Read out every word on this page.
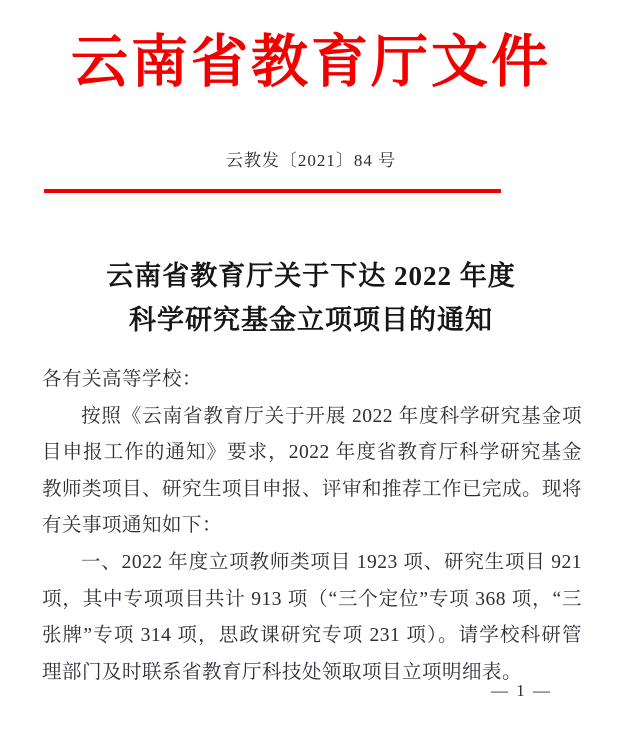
云南省教育厅文件
云教发〔2021〕84 号
云南省教育厅关于下达 2022 年度
科学研究基金立项项目的通知

各有关高等学校：

按照《云南省教育厅关于开展 2022 年度科学研究基金项目申报工作的通知》要求，2022 年度省教育厅科学研究基金教师类项目、研究生项目申报、评审和推荐工作已完成。现将有关事项通知如下：

一、2022 年度立项教师类项目 1923 项、研究生项目 921 项，其中专项项目共计 913 项（“三个定位”专项 368 项，“三张牌”专项 314 项，思政课研究专项 231 项）。请学校科研管理部门及时联系省教育厅科技处领取项目立项明细表。

— 1 —
